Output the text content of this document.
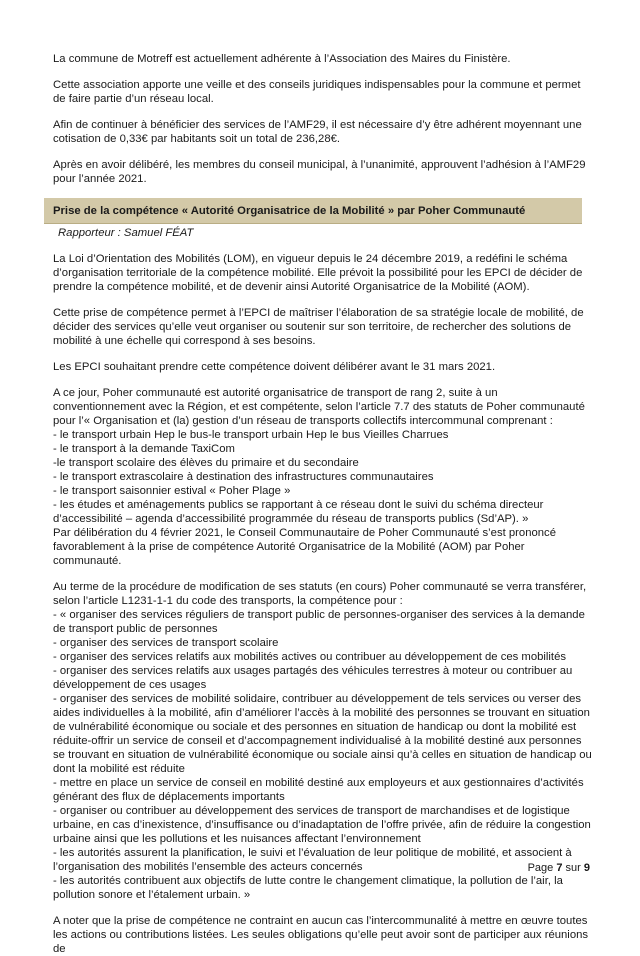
La commune de Motreff est actuellement adhérente à l’Association des Maires du Finistère.

Cette association apporte une veille et des conseils juridiques indispensables pour la commune et permet de faire partie d’un réseau local.

Afin de continuer à bénéficier des services de l’AMF29, il est nécessaire d’y être adhérent moyennant une cotisation de 0,33€ par habitants soit un total de 236,28€.

Après en avoir délibéré, les membres du conseil municipal, à l’unanimité, approuvent l’adhésion à l’AMF29 pour l’année 2021.

Prise de la compétence « Autorité Organisatrice de la Mobilité » par Poher Communauté

Rapporteur : Samuel FÉAT

La Loi d’Orientation des Mobilités (LOM), en vigueur depuis le 24 décembre 2019, a redéfini le schéma d’organisation territoriale de la compétence mobilité. Elle prévoit la possibilité pour les EPCI de décider de prendre la compétence mobilité, et de devenir ainsi Autorité Organisatrice de la Mobilité (AOM).

Cette prise de compétence permet à l’EPCI de maîtriser l’élaboration de sa stratégie locale de mobilité, de décider des services qu’elle veut organiser ou soutenir sur son territoire, de rechercher des solutions de mobilité à une échelle qui correspond à ses besoins.

Les EPCI souhaitant prendre cette compétence doivent délibérer avant le 31 mars 2021.

A ce jour, Poher communauté est autorité organisatrice de transport de rang 2, suite à un conventionnement avec la Région, et est compétente, selon l’article 7.7 des statuts de Poher communauté pour l’« Organisation et (la) gestion d’un réseau de transports collectifs intercommunal comprenant :

- le transport urbain Hep le bus-le transport urbain Hep le bus Vieilles Charrues

- le transport à la demande TaxiCom

-le transport scolaire des élèves du primaire et du secondaire

- le transport extrascolaire à destination des infrastructures communautaires

- le transport saisonnier estival « Poher Plage »

- les études et aménagements publics se rapportant à ce réseau dont le suivi du schéma directeur d’accessibilité – agenda d’accessibilité programmée du réseau de transports publics (Sd’AP). »

Par délibération du 4 février 2021, le Conseil Communautaire de Poher Communauté s’est prononcé favorablement à la prise de compétence Autorité Organisatrice de la Mobilité (AOM) par Poher communauté.

Au terme de la procédure de modification de ses statuts (en cours) Poher communauté se verra transférer, selon l’article L1231-1-1 du code des transports, la compétence pour :

- « organiser des services réguliers de transport public de personnes-organiser des services à la demande de transport public de personnes

- organiser des services de transport scolaire

- organiser des services relatifs aux mobilités actives ou contribuer au développement de ces mobilités

- organiser des services relatifs aux usages partagés des véhicules terrestres à moteur ou contribuer au développement de ces usages

- organiser des services de mobilité solidaire, contribuer au développement de tels services ou verser des aides individuelles à la mobilité, afin d’améliorer l’accès à la mobilité des personnes se trouvant en situation de vulnérabilité économique ou sociale et des personnes en situation de handicap ou dont la mobilité est réduite-offrir un service de conseil et d’accompagnement individualisé à la mobilité destiné aux personnes se trouvant en situation de vulnérabilité économique ou sociale ainsi qu’à celles en situation de handicap ou dont la mobilité est réduite

- mettre en place un service de conseil en mobilité destiné aux employeurs et aux gestionnaires d’activités générant des flux de déplacements importants

- organiser ou contribuer au développement des services de transport de marchandises et de logistique urbaine, en cas d’inexistence, d’insuffisance ou d’inadaptation de l’offre privée, afin de réduire la congestion urbaine ainsi que les pollutions et les nuisances affectant l’environnement

- les autorités assurent la planification, le suivi et l’évaluation de leur politique de mobilité, et associent à l’organisation des mobilités l’ensemble des acteurs concernés

- les autorités contribuent aux objectifs de lutte contre le changement climatique, la pollution de l’air, la pollution sonore et l’étalement urbain. »

A noter que la prise de compétence ne contraint en aucun cas l’intercommunalité à mettre en œuvre toutes les actions ou contributions listées. Les seules obligations qu’elle peut avoir sont de participer aux réunions de

Page 7 sur 9
